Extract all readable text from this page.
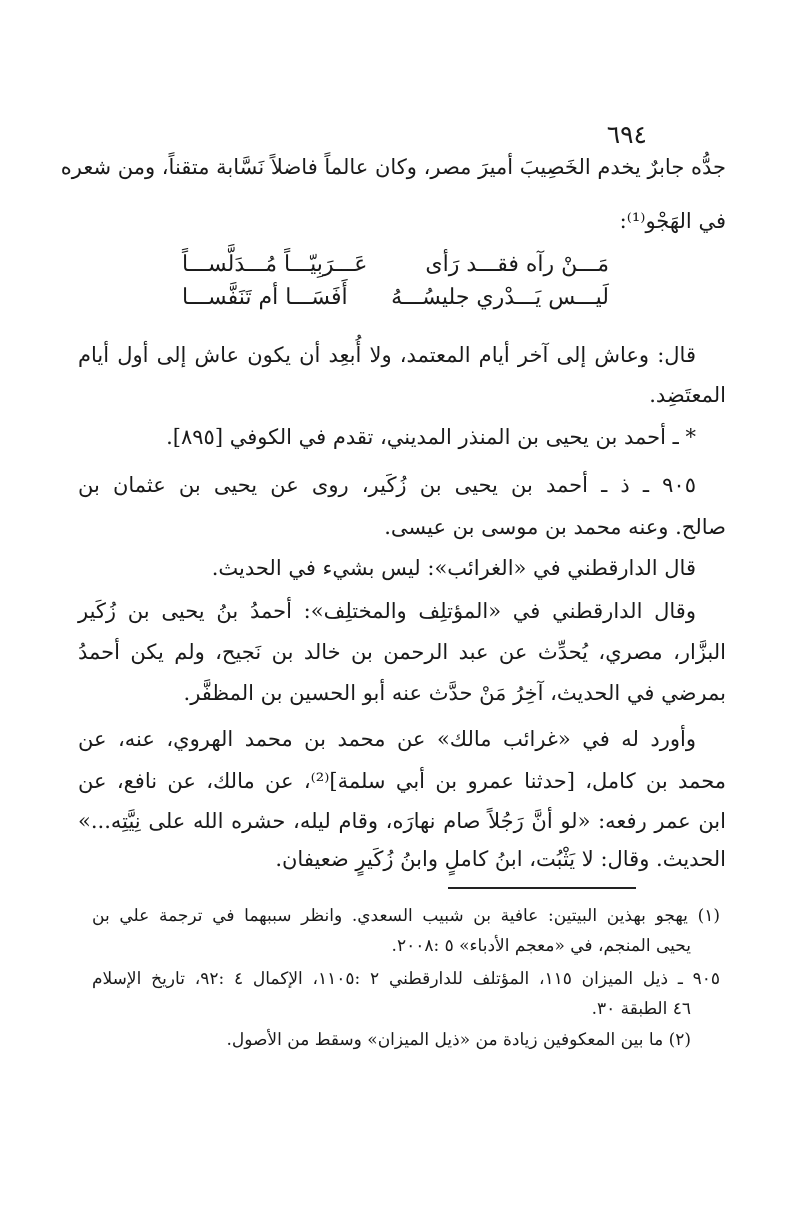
٦٩٤
جدُّه جابرٌ يخدم الخَصِيبَ أميرَ مصر، وكان عالماً فاضلاً نَسَّابة متقناً، ومن شعره
في الهَجْو⁽¹⁾:
مَـــنْ رآه فقـــد رَأى
عَـــرَبِيّـــاً مُـــدَلَّســـاً
لَيـــس يَـــدْري جليسُـــهُ
أَفَسَـــا أم تَنَفَّســـا
قال: وعاش إلى آخر أيام المعتمد، ولا أُبعِد أن يكون عاش إلى أول أيام
المعتَضِد.
* ـ أحمد بن يحيى بن المنذر المديني، تقدم في الكوفي [٨٩٥].
٩٠٥ ـ ذ ـ أحمد بن يحيى بن زُكَير، روى عن يحيى بن عثمان بن
صالح. وعنه محمد بن موسى بن عيسى.
قال الدارقطني في «الغرائب»: ليس بشيء في الحديث.
وقال الدارقطني في «المؤتلِف والمختلِف»: أحمدُ بنُ يحيى بن زُكَير
البزَّار، مصري، يُحدِّث عن عبد الرحمن بن خالد بن نَجيح، ولم يكن أحمدُ
بمرضي في الحديث، آخِرُ مَنْ حدَّث عنه أبو الحسين بن المظفَّر.
وأورد له في «غرائب مالك» عن محمد بن محمد الهروي، عنه، عن
محمد بن كامل، [حدثنا عمرو بن أبي سلمة]⁽²⁾، عن مالك، عن نافع، عن
ابن عمر رفعه: «لو أنَّ رَجُلاً صام نهارَه، وقام ليله، حشره الله على نِيَّتِه...»
الحديث. وقال: لا يَثْبُت، ابنُ كاملٍ وابنُ زُكَيرٍ ضعيفان.
(١) يهجو بهذين البيتين: عافية بن شبيب السعدي. وانظر سببهما في ترجمة علي بن
يحيى المنجم، في «معجم الأدباء» ٥ :٢٠٠٨.
٩٠٥ ـ ذيل الميزان ١١٥، المؤتلف للدارقطني ٢ :١١٠٥، الإكمال ٤ :٩٢، تاريخ الإسلام
٤٦ الطبقة ٣٠.
(٢) ما بين المعكوفين زيادة من «ذيل الميزان» وسقط من الأصول.
